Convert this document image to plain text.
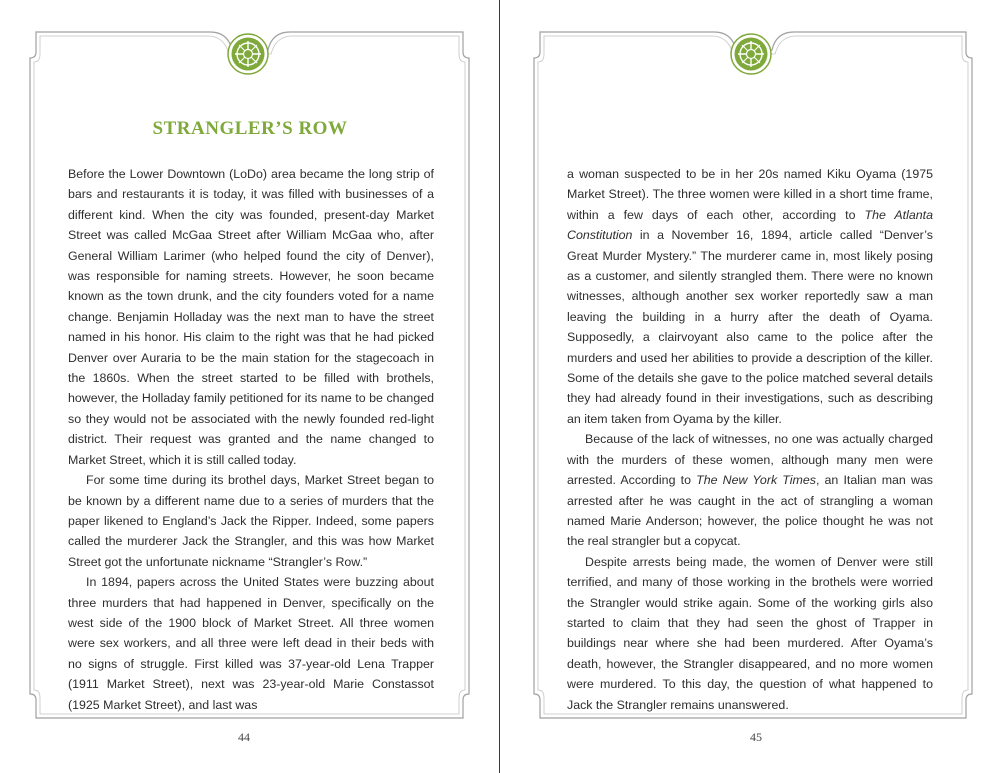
STRANGLER’S ROW

Before the Lower Downtown (LoDo) area became the long strip of bars and restaurants it is today, it was filled with businesses of a different kind. When the city was founded, present-day Market Street was called McGaa Street after William McGaa who, after General William Larimer (who helped found the city of Denver), was responsible for naming streets. However, he soon became known as the town drunk, and the city founders voted for a name change. Benjamin Holladay was the next man to have the street named in his honor. His claim to the right was that he had picked Denver over Auraria to be the main station for the stagecoach in the 1860s. When the street started to be filled with brothels, however, the Holladay family petitioned for its name to be changed so they would not be associated with the newly founded red-light district. Their request was granted and the name changed to Market Street, which it is still called today.

For some time during its brothel days, Market Street began to be known by a different name due to a series of murders that the paper likened to England’s Jack the Ripper. Indeed, some papers called the murderer Jack the Strangler, and this was how Market Street got the unfortunate nickname “Strangler’s Row.”

In 1894, papers across the United States were buzzing about three murders that had happened in Denver, specifically on the west side of the 1900 block of Market Street. All three women were sex workers, and all three were left dead in their beds with no signs of struggle. First killed was 37-year-old Lena Trapper (1911 Market Street), next was 23-year-old Marie Constassot (1925 Market Street), and last was

44	45

a woman suspected to be in her 20s named Kiku Oyama (1975 Market Street). The three women were killed in a short time frame, within a few days of each other, according to The Atlanta Constitution in a November 16, 1894, article called “Denver’s Great Murder Mystery.” The murderer came in, most likely posing as a customer, and silently strangled them. There were no known witnesses, although another sex worker reportedly saw a man leaving the building in a hurry after the death of Oyama. Supposedly, a clairvoyant also came to the police after the murders and used her abilities to provide a description of the killer. Some of the details she gave to the police matched several details they had already found in their investigations, such as describing an item taken from Oyama by the killer.

Because of the lack of witnesses, no one was actually charged with the murders of these women, although many men were arrested. According to The New York Times, an Italian man was arrested after he was caught in the act of strangling a woman named Marie Anderson; however, the police thought he was not the real strangler but a copycat.

Despite arrests being made, the women of Denver were still terrified, and many of those working in the brothels were worried the Strangler would strike again. Some of the working girls also started to claim that they had seen the ghost of Trapper in buildings near where she had been murdered. After Oyama’s death, however, the Strangler disappeared, and no more women were murdered. To this day, the question of what happened to Jack the Strangler remains unanswered.
